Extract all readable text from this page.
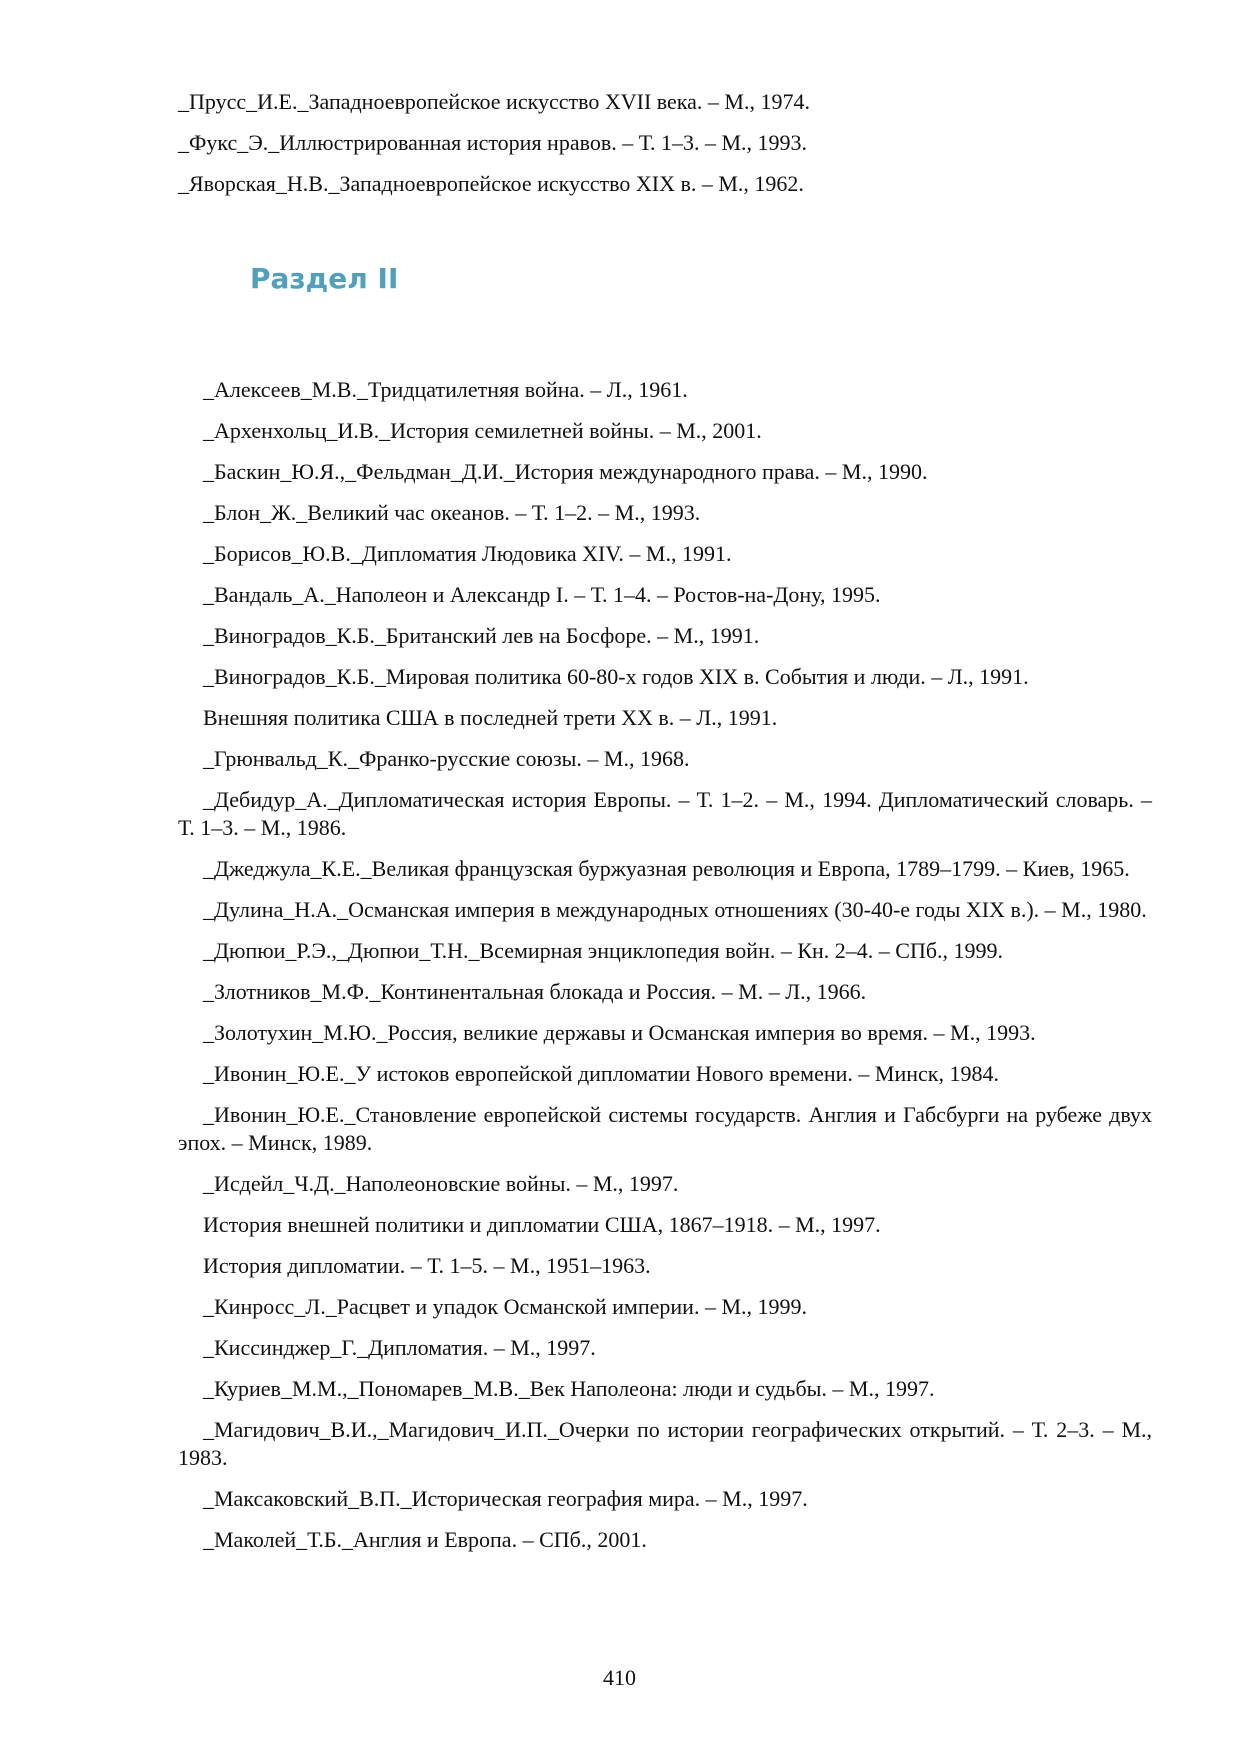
_Прусс_И.Е._Западноевропейское искусство XVII века. – М., 1974.
_Фукс_Э._Иллюстрированная история нравов. – Т. 1–3. – М., 1993.
_Яворская_Н.В._Западноевропейское искусство XIX в. – М., 1962.
Раздел II

_Алексеев_М.В._Тридцатилетняя война. – Л., 1961.

_Архенхольц_И.В._История семилетней войны. – М., 2001.

_Баскин_Ю.Я.,_Фельдман_Д.И._История международного права. – М., 1990.

_Блон_Ж._Великий час океанов. – Т. 1–2. – М., 1993.

_Борисов_Ю.В._Дипломатия Людовика XIV. – М., 1991.

_Вандаль_А._Наполеон и Александр I. – Т. 1–4. – Ростов-на-Дону, 1995.

_Виноградов_К.Б._Британский лев на Босфоре. – М., 1991.

_Виноградов_К.Б._Мировая политика 60-80-х годов XIX в. События и люди. – Л., 1991.

Внешняя политика США в последней трети XX в. – Л., 1991.

_Грюнвальд_К._Франко-русские союзы. – М., 1968.

_Дебидур_А._Дипломатическая история Европы. – Т. 1–2. – М., 1994. Дипломатический словарь. – Т. 1–3. – М., 1986.

_Джеджула_К.Е._Великая французская буржуазная революция и Европа, 1789–1799. – Киев, 1965.

_Дулина_Н.А._Османская империя в международных отношениях (30-40-е годы XIX в.). – М., 1980.

_Дюпюи_Р.Э.,_Дюпюи_Т.Н._Всемирная энциклопедия войн. – Кн. 2–4. – СПб., 1999.

_Злотников_М.Ф._Континентальная блокада и Россия. – М. – Л., 1966.

_Золотухин_М.Ю._Россия, великие державы и Османская империя во время. – М., 1993.

_Ивонин_Ю.Е._У истоков европейской дипломатии Нового времени. – Минск, 1984.

_Ивонин_Ю.Е._Становление европейской системы государств. Англия и Габсбурги на рубеже двух эпох. – Минск, 1989.

_Исдейл_Ч.Д._Наполеоновские войны. – М., 1997.

История внешней политики и дипломатии США, 1867–1918. – М., 1997.

История дипломатии. – Т. 1–5. – М., 1951–1963.

_Кинросс_Л._Расцвет и упадок Османской империи. – М., 1999.

_Киссинджер_Г._Дипломатия. – М., 1997.

_Куриев_М.М.,_Пономарев_М.В._Век Наполеона: люди и судьбы. – М., 1997.

_Магидович_В.И.,_Магидович_И.П._Очерки по истории географических открытий. – Т. 2–3. – М., 1983.

_Максаковский_В.П._Историческая география мира. – М., 1997.

_Маколей_Т.Б._Англия и Европа. – СПб., 2001.

410
